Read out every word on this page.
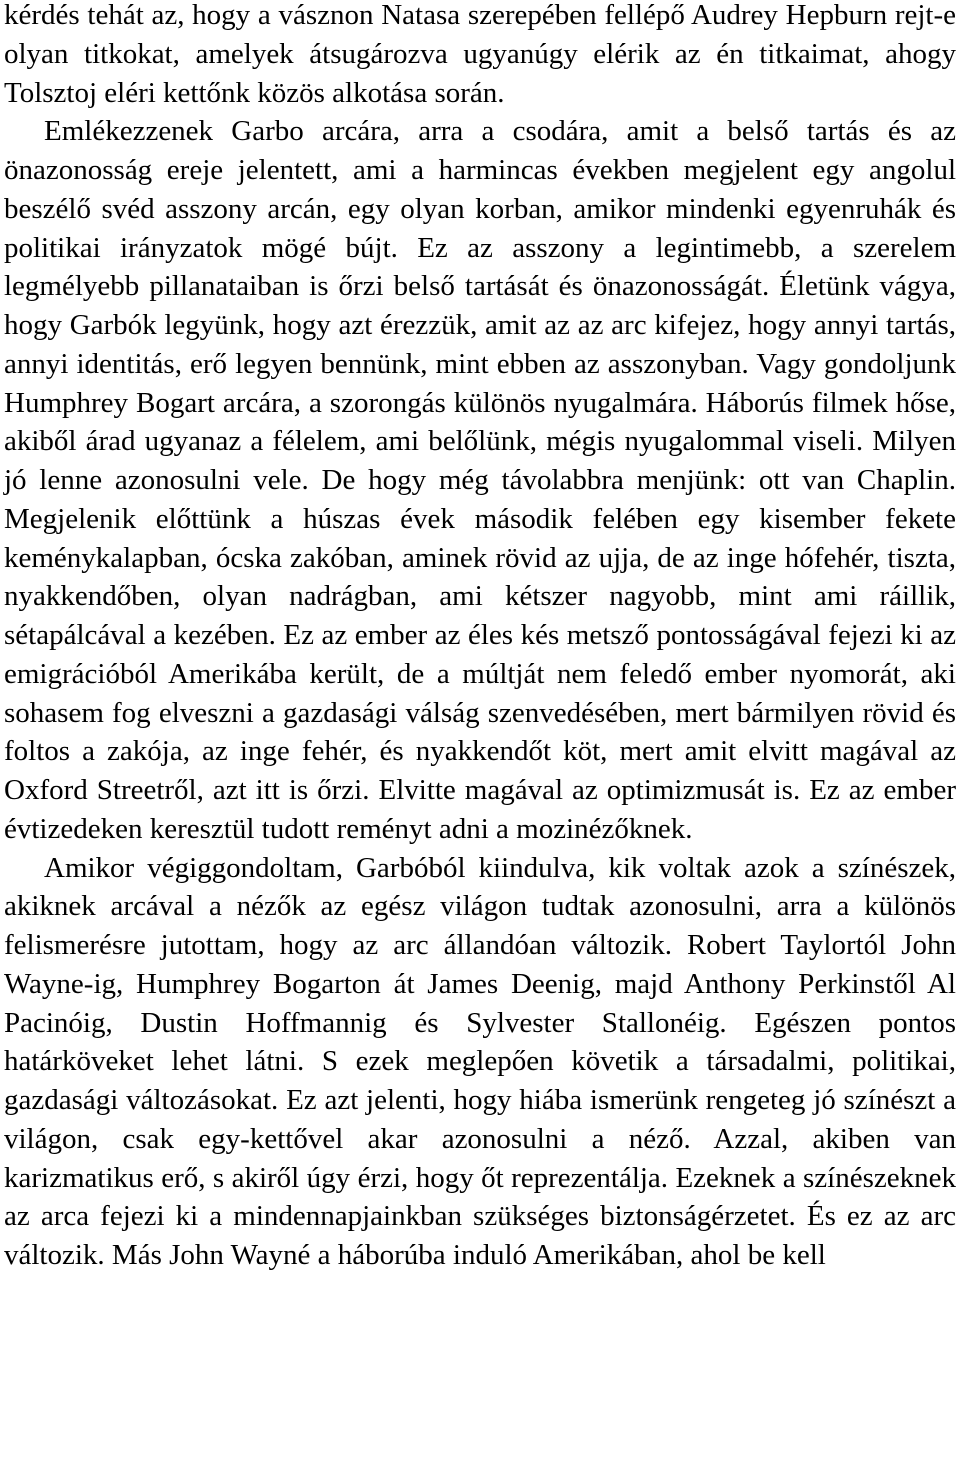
kérdés tehát az, hogy a vásznon Natasa szerepében fellépő Audrey Hepburn rejt-e olyan titkokat, amelyek átsugározva ugyanúgy elérik az én titkaimat, ahogy Tolsztoj eléri kettőnk közös alkotása során.

Emlékezzenek Garbo arcára, arra a csodára, amit a belső tartás és az önazonosság ereje jelentett, ami a harmincas években megjelent egy angolul beszélő svéd asszony arcán, egy olyan korban, amikor mindenki egyenruhák és politikai irányzatok mögé bújt. Ez az asszony a legintimebb, a szerelem legmélyebb pillanataiban is őrzi belső tartását és önazonosságát. Életünk vágya, hogy Garbók legyünk, hogy azt érezzük, amit az az arc kifejez, hogy annyi tartás, annyi identitás, erő legyen bennünk, mint ebben az asszonyban. Vagy gondoljunk Humphrey Bogart arcára, a szorongás különös nyugalmára. Háborús filmek hőse, akiből árad ugyanaz a félelem, ami belőlünk, mégis nyugalommal viseli. Milyen jó lenne azonosulni vele. De hogy még távolabbra menjünk: ott van Chaplin. Megjelenik előttünk a húszas évek második felében egy kisember fekete keménykalapban, ócska zakóban, aminek rövid az ujja, de az inge hófehér, tiszta, nyakkendőben, olyan nadrágban, ami kétszer nagyobb, mint ami ráillik, sétapálcával a kezében. Ez az ember az éles kés metsző pontosságával fejezi ki az emigrációból Amerikába került, de a múltját nem feledő ember nyomorát, aki sohasem fog elveszni a gazdasági válság szenvedésében, mert bármilyen rövid és foltos a zakója, az inge fehér, és nyakkendőt köt, mert amit elvitt magával az Oxford Streetről, azt itt is őrzi. Elvitte magával az optimizmusát is. Ez az ember évtizedeken keresztül tudott reményt adni a mozinézőknek.

Amikor végiggondoltam, Garbóból kiindulva, kik voltak azok a színészek, akiknek arcával a nézők az egész világon tudtak azonosulni, arra a különös felismerésre jutottam, hogy az arc állandóan változik. Robert Taylortól John Wayne-ig, Humphrey Bogarton át James Deenig, majd Anthony Perkinstől Al Pacinóig, Dustin Hoffmannig és Sylvester Stallonéig. Egészen pontos határköveket lehet látni. S ezek meglepően követik a társadalmi, politikai, gazdasági változásokat. Ez azt jelenti, hogy hiába ismerünk rengeteg jó színészt a világon, csak egy-kettővel akar azonosulni a néző. Azzal, akiben van karizmatikus erő, s akiről úgy érzi, hogy őt reprezentálja. Ezeknek a színészeknek az arca fejezi ki a mindennapjainkban szükséges biztonságérzetet. És ez az arc változik. Más John Wayné a háborúba induló Amerikában, ahol be kell
